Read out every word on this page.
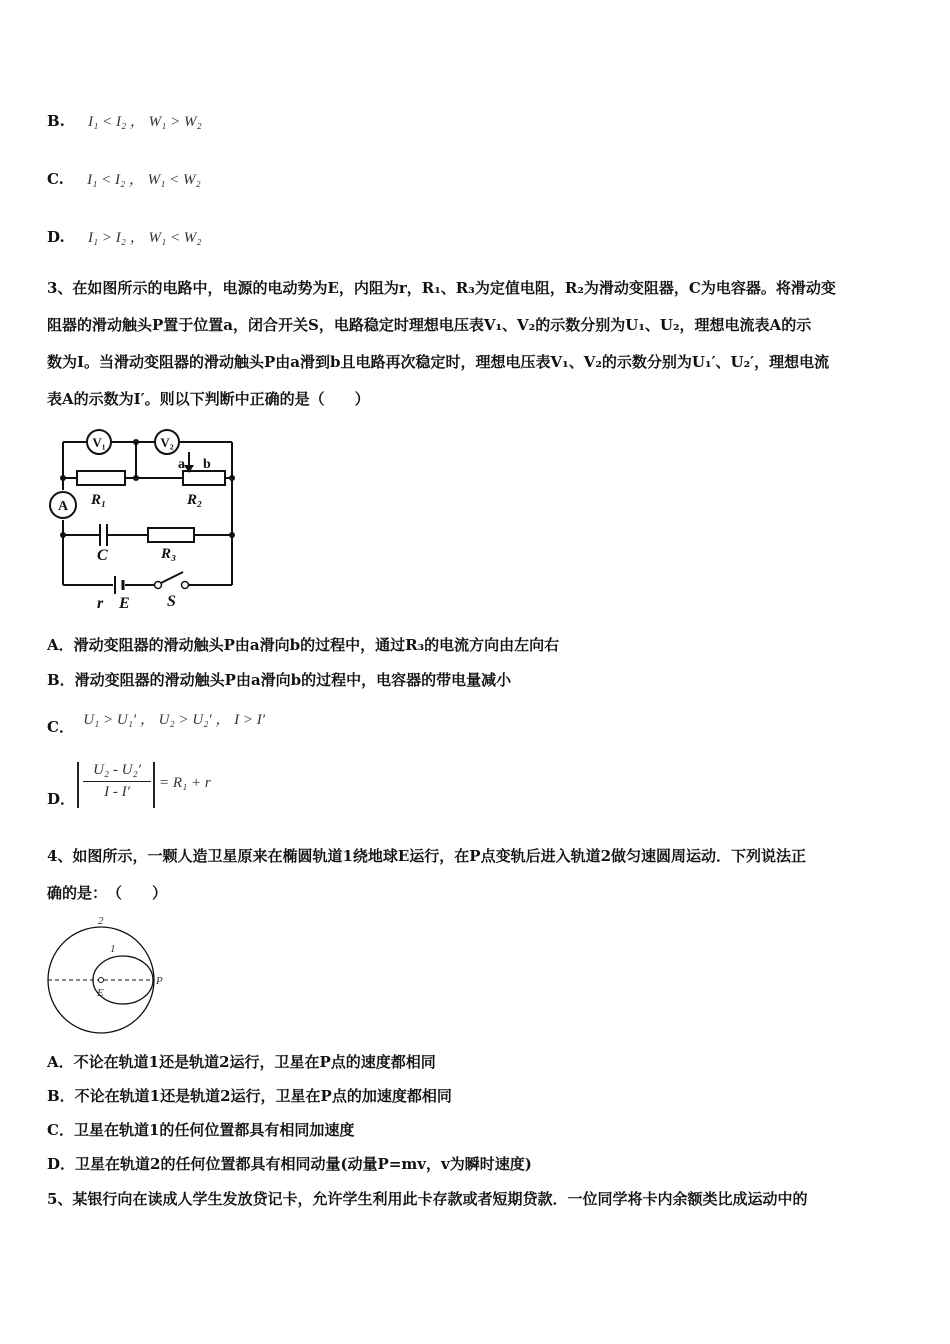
B. I₁ < I₂ ， W₁ > W₂
C. I₁ < I₂ ， W₁ < W₂
D. I₁ > I₂ ， W₁ < W₂
3、在如图所示的电路中，电源的电动势为E，内阻为r，R₁、R₃为定值电阻，R₂为滑动变阻器，C为电容器。将滑动变
阻器的滑动触头P置于位置a，闭合开关S，电路稳定时理想电压表V₁、V₂的示数分别为U₁、U₂，理想电流表A的示
数为I。当滑动变阻器的滑动触头P由a滑到b且电路再次稳定时，理想电压表V₁、V₂的示数分别为U₁′、U₂′，理想电流
表A的示数为I′。则以下判断中正确的是（　　）
V₁	V₂
A
a b
R₁	R₂
C	R₃
r E S
A．滑动变阻器的滑动触头P由a滑向b的过程中，通过R₃的电流方向由左向右
B．滑动变阻器的滑动触头P由a滑向b的过程中，电容器的带电量减小
C． U₁ > U₁′ ， U₂ > U₂′ ， I > I′
D．
U₂ - U₂′
I - I′
= R₁ + r
4、如图所示，一颗人造卫星原来在椭圆轨道1绕地球E运行，在P点变轨后进入轨道2做匀速圆周运动．下列说法正
确的是：　（　　）
2
1
E
P
A．不论在轨道1还是轨道2运行，卫星在P点的速度都相同
B．不论在轨道1还是轨道2运行，卫星在P点的加速度都相同
C．卫星在轨道1的任何位置都具有相同加速度
D．卫星在轨道2的任何位置都具有相同动量(动量P=mv，v为瞬时速度)
5、某银行向在读成人学生发放贷记卡，允许学生利用此卡存款或者短期贷款．一位同学将卡内余额类比成运动中的
